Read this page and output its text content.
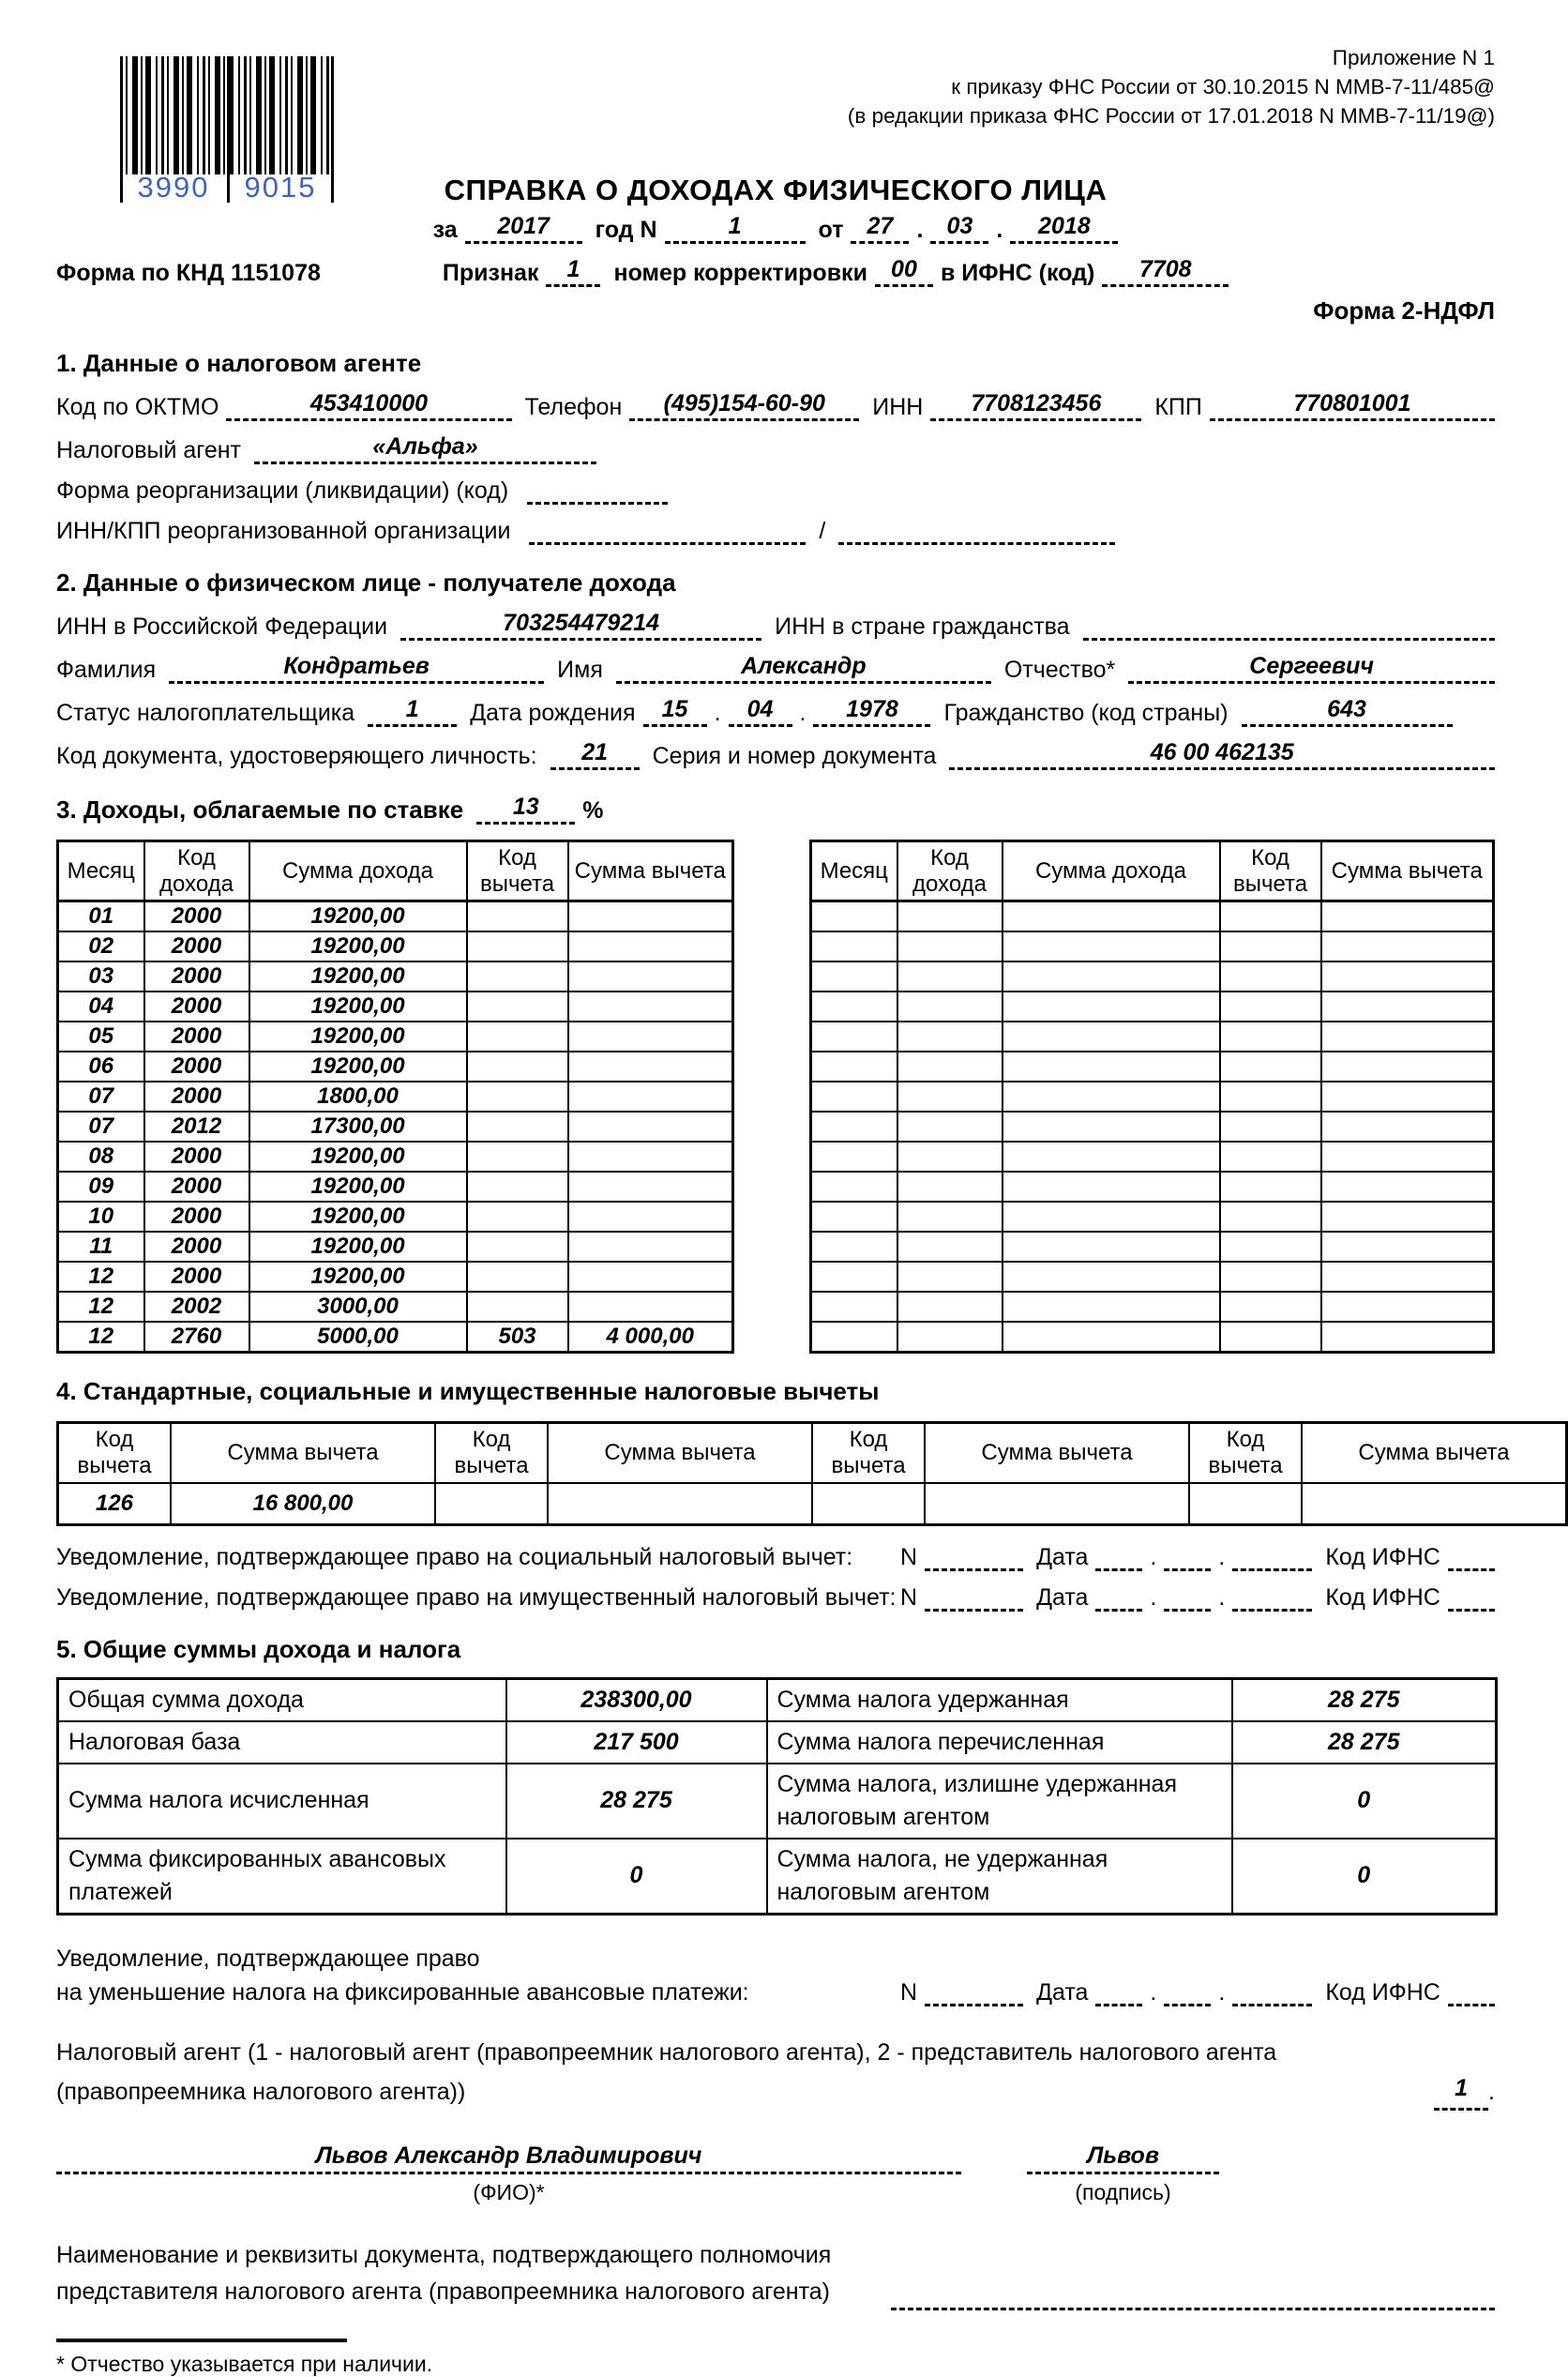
3990	9015
Приложение N 1
к приказу ФНС России от 30.10.2015 N ММВ-7-11/485@
(в редакции приказа ФНС России от 17.01.2018 N ММВ-7-11/19@)
СПРАВКА О ДОХОДАХ ФИЗИЧЕСКОГО ЛИЦА
за	2017	год N	1	от	27	.	03	.	2018
Форма по КНД 1151078	Признак	1	номер корректировки	00	в ИФНС (код)	7708
Форма 2-НДФЛ
1. Данные о налоговом агенте
Код по ОКТМО	453410000	Телефон	(495)154-60-90	ИНН	7708123456	КПП	770801001
Налоговый агент	«Альфа»
Форма реорганизации (ликвидации) (код)
ИНН/КПП реорганизованной организации	/
2. Данные о физическом лице - получателе дохода
ИНН в Российской Федерации	703254479214	ИНН в стране гражданства
Фамилия	Кондратьев	Имя	Александр	Отчество*	Сергеевич
Статус налогоплательщика	1	Дата рождения	15	.	04	.	1978	Гражданство (код страны)	643
Код документа, удостоверяющего личность:	21	Серия и номер документа	46 00 462135
3. Доходы, облагаемые по ставке	13	%
Месяц	Код дохода	Сумма дохода	Код вычета	Сумма вычета
01	2000	19200,00		
02	2000	19200,00		
03	2000	19200,00		
04	2000	19200,00		
05	2000	19200,00		
06	2000	19200,00		
07	2000	1800,00		
07	2012	17300,00		
08	2000	19200,00		
09	2000	19200,00		
10	2000	19200,00		
11	2000	19200,00		
12	2000	19200,00		
12	2002	3000,00		
12	2760	5000,00	503	4 000,00
Месяц	Код дохода	Сумма дохода	Код вычета	Сумма вычета

4. Стандартные, социальные и имущественные налоговые вычеты
Код вычета	Сумма вычета	Код вычета	Сумма вычета	Код вычета	Сумма вычета	Код вычета	Сумма вычета
126	16 800,00						
Уведомление, подтверждающее право на социальный налоговый вычет:	N	Дата	.	.	Код ИФНС
Уведомление, подтверждающее право на имущественный налоговый вычет: N	Дата	.	.	Код ИФНС
5. Общие суммы дохода и налога
Общая сумма дохода	238300,00	Сумма налога удержанная	28 275
Налоговая база	217 500	Сумма налога перечисленная	28 275
Сумма налога исчисленная	28 275	Сумма налога, излишне удержанная налоговым агентом	0
Сумма фиксированных авансовых платежей	0	Сумма налога, не удержанная налоговым агентом	0
Уведомление, подтверждающее право
на уменьшение налога на фиксированные авансовые платежи:	N	Дата	.	.	Код ИФНС
Налоговый агент (1 - налоговый агент (правопреемник налогового агента), 2 - представитель налогового агента
(правопреемника налогового агента))	1 .
Львов Александр Владимирович
(ФИО)*
Львов
(подпись)
Наименование и реквизиты документа, подтверждающего полномочия
представителя налогового агента (правопреемника налогового агента)
* Отчество указывается при наличии.
